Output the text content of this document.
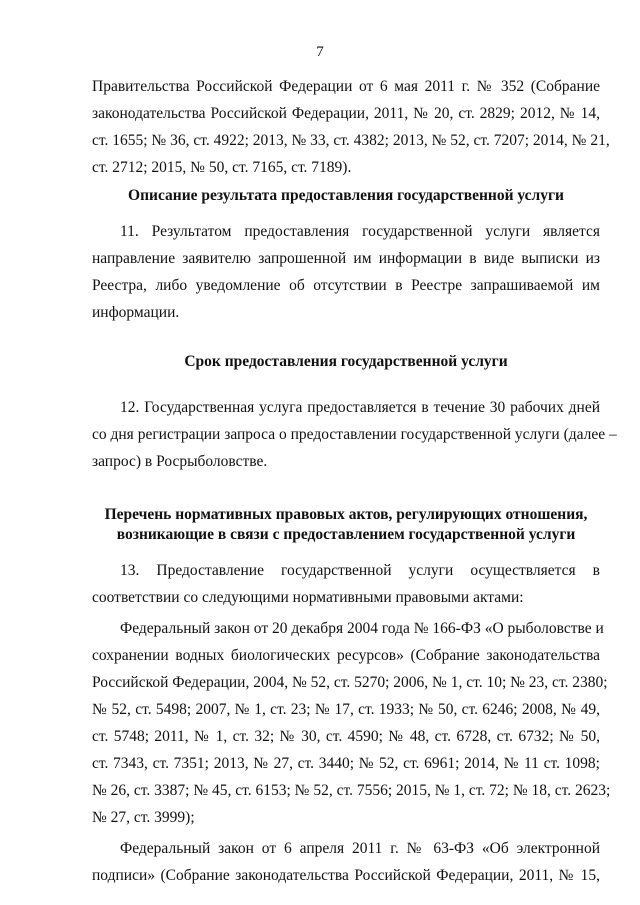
7
Правительства Российской Федерации от 6 мая 2011 г. № 352 (Собрание
законодательства Российской Федерации, 2011, № 20, ст. 2829; 2012, № 14,
ст. 1655; № 36, ст. 4922; 2013, № 33, ст. 4382; 2013, № 52, ст. 7207; 2014, № 21,
ст. 2712; 2015, № 50, ст. 7165, ст. 7189).
Описание результата предоставления государственной услуги
11. Результатом предоставления государственной услуги является
направление заявителю запрошенной им информации в виде выписки из
Реестра, либо уведомление об отсутствии в Реестре запрашиваемой им
информации.
Срок предоставления государственной услуги
12. Государственная услуга предоставляется в течение 30 рабочих дней
со дня регистрации запроса о предоставлении государственной услуги (далее –
запрос) в Росрыболовстве.
Перечень нормативных правовых актов, регулирующих отношения,
возникающие в связи с предоставлением государственной услуги
13. Предоставление государственной услуги осуществляется в
соответствии со следующими нормативными правовыми актами:
Федеральный закон от 20 декабря 2004 года № 166-ФЗ «О рыболовстве и
сохранении водных биологических ресурсов» (Собрание законодательства
Российской Федерации, 2004, № 52, ст. 5270; 2006, № 1, ст. 10; № 23, ст. 2380;
№ 52, ст. 5498; 2007, № 1, ст. 23; № 17, ст. 1933; № 50, ст. 6246; 2008, № 49,
ст. 5748; 2011, № 1, ст. 32; № 30, ст. 4590; № 48, ст. 6728, ст. 6732; № 50,
ст. 7343, ст. 7351; 2013, № 27, ст. 3440; № 52, ст. 6961; 2014, № 11 ст. 1098;
№ 26, ст. 3387; № 45, ст. 6153; № 52, ст. 7556; 2015, № 1, ст. 72; № 18, ст. 2623;
№ 27, ст. 3999);
Федеральный закон от 6 апреля 2011 г. № 63-ФЗ «Об электронной
подписи» (Собрание законодательства Российской Федерации, 2011, № 15,
